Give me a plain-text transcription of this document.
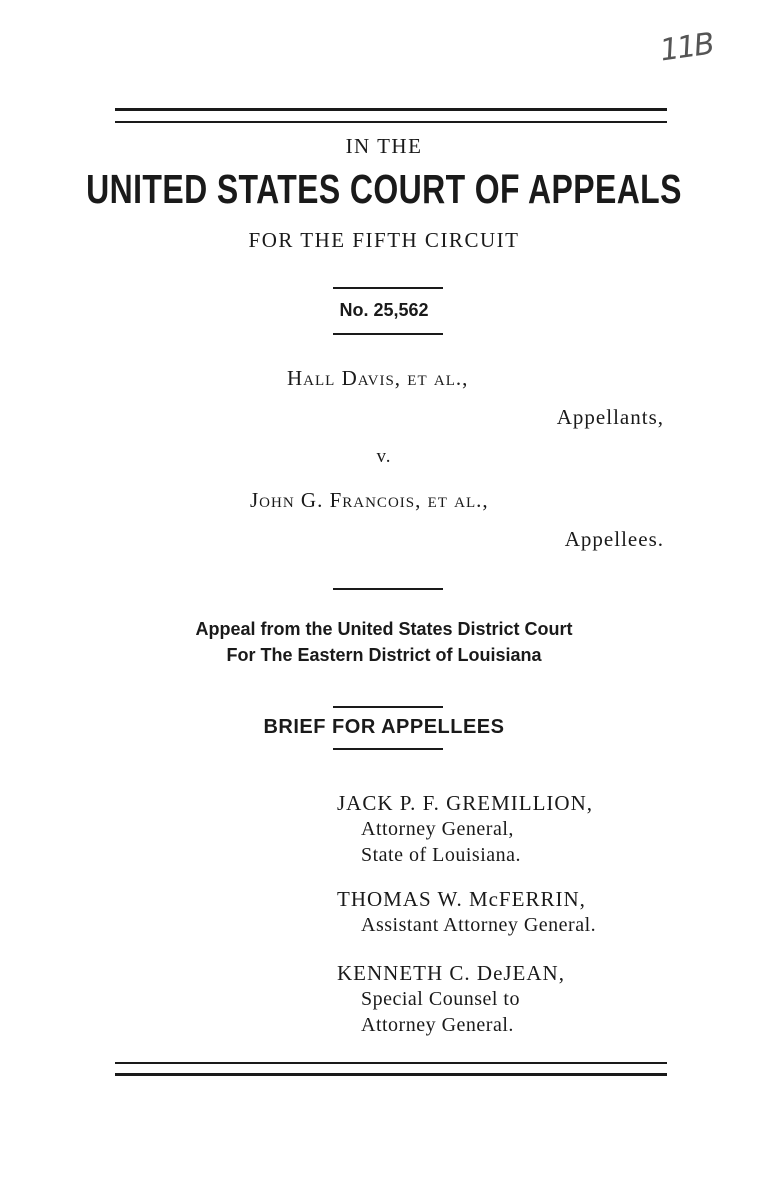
11B
IN THE
UNITED STATES COURT OF APPEALS
FOR THE FIFTH CIRCUIT
No. 25,562
Hall Davis, et al.,
Appellants,
v.
John G. Francois, et al.,
Appellees.
Appeal from the United States District Court
For The Eastern District of Louisiana
BRIEF FOR APPELLEES
JACK P. F. GREMILLION,
Attorney General,
State of Louisiana.
THOMAS W. McFERRIN,
Assistant Attorney General.
KENNETH C. DeJEAN,
Special Counsel to
Attorney General.
